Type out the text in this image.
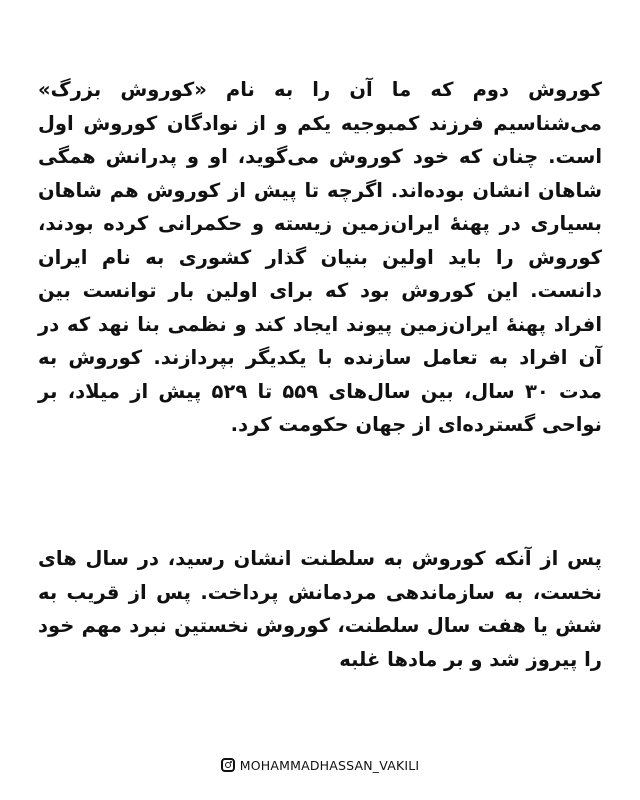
کوروش دوم که ما آن را به نام «کوروش بزرگ» می‌شناسیم فرزند کمبوجیه یکم و از نوادگان کوروش اول است. چنان که خود کوروش می‌گوید، او و پدرانش همگی شاهان انشان بوده‌اند. اگرچه تا پیش از کوروش هم شاهان بسیاری در پهنهٔ ایران‌زمین زیسته و حکمرانی کرده بودند، کوروش را باید اولین بنیان گذار کشوری به نام ایران دانست. این کوروش بود که برای اولین بار توانست بین افراد پهنهٔ ایران‌زمین پیوند ایجاد کند و نظمی بنا نهد که در آن افراد به تعامل سازنده با یکدیگر بپردازند. کوروش به مدت ۳۰ سال، بین سال‌های ۵۵۹ تا ۵۲۹ پیش از میلاد، بر نواحی گسترده‌ای از جهان حکومت کرد.

پس از آنکه کوروش به سلطنت انشان رسید، در سال های نخست، به سازماندهی مردمانش پرداخت. پس از قریب به شش یا هفت سال سلطنت، کوروش نخستین نبرد مهم خود را پیروز شد و بر مادها غلبه

MOHAMMADHASSAN_VAKILI
